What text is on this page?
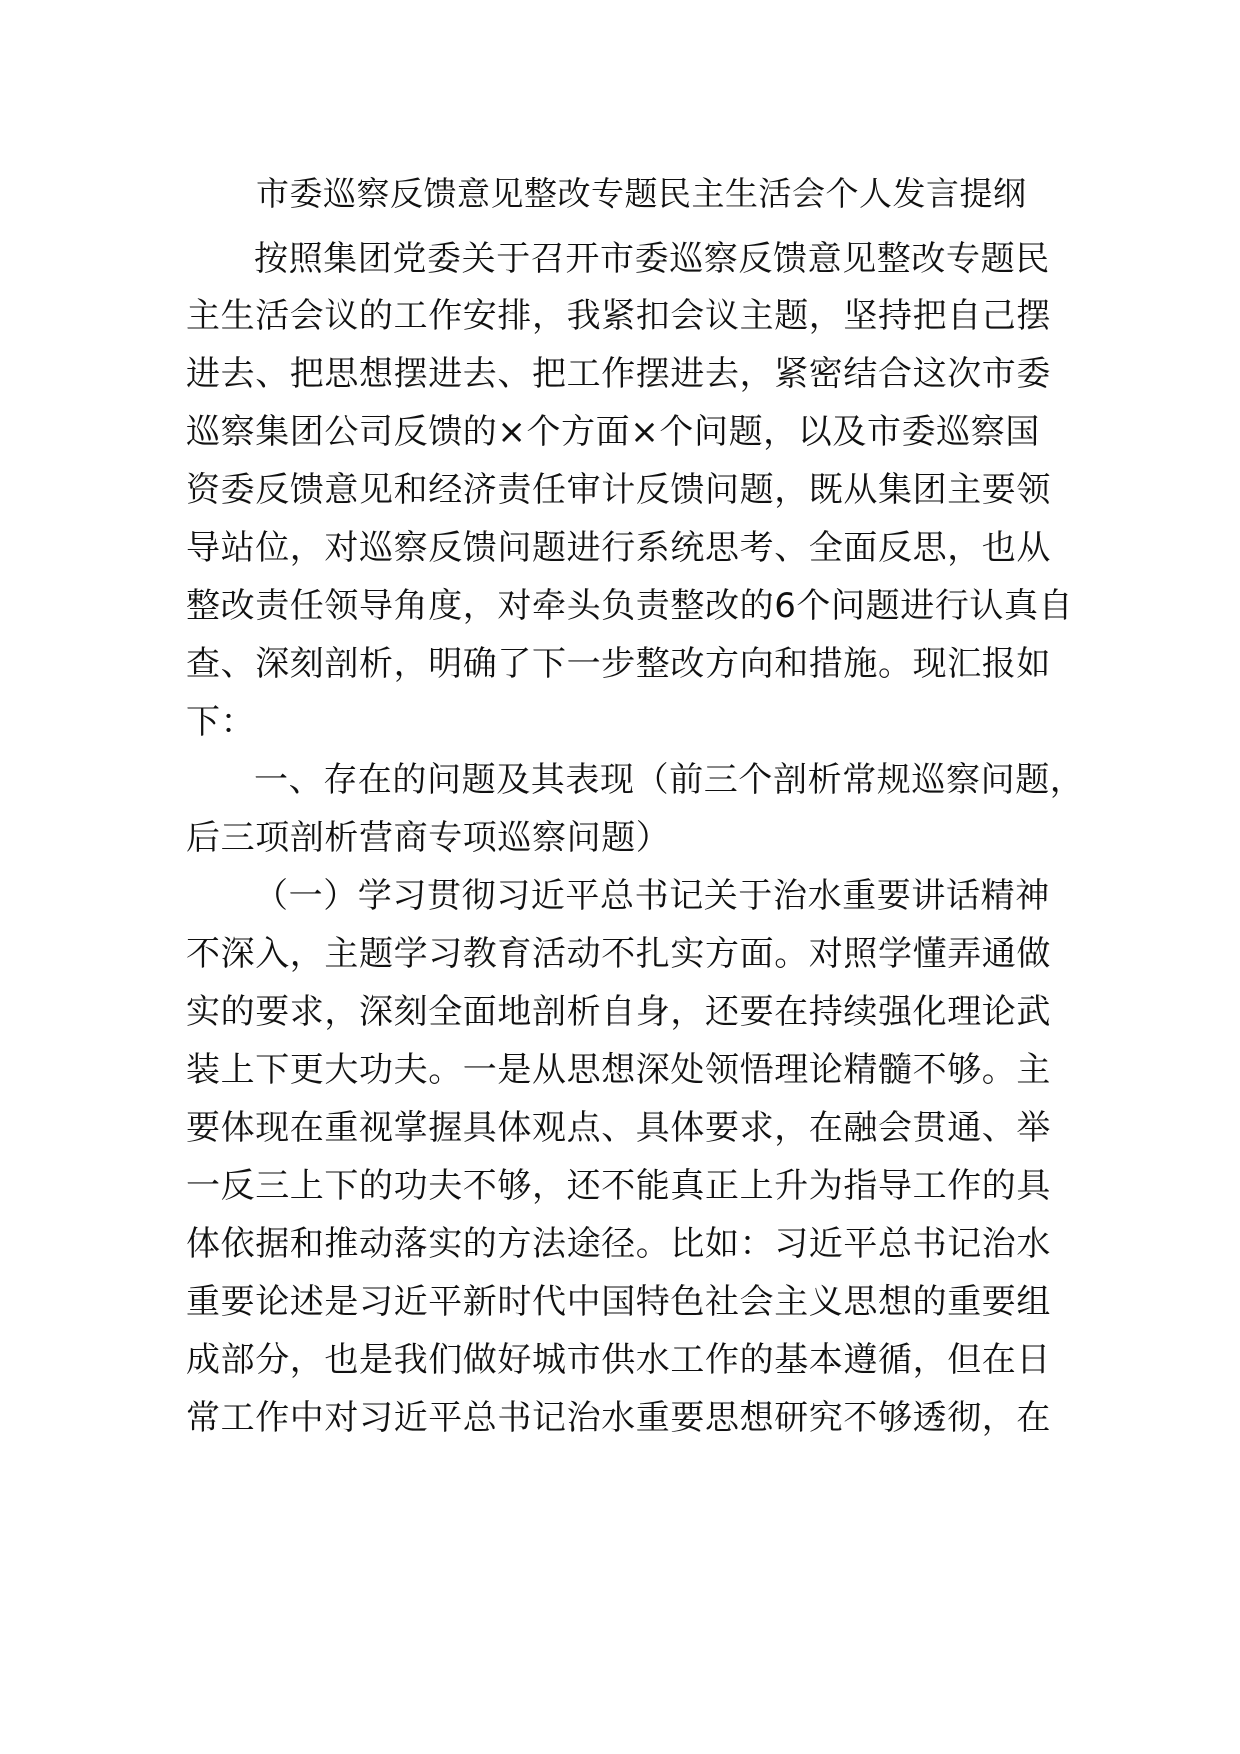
市委巡察反馈意见整改专题民主生活会个人发言提纲
按照集团党委关于召开市委巡察反馈意见整改专题民
主生活会议的工作安排，我紧扣会议主题，坚持把自己摆
进去、把思想摆进去、把工作摆进去，紧密结合这次市委
巡察集团公司反馈的×个方面×个问题，以及市委巡察国
资委反馈意见和经济责任审计反馈问题，既从集团主要领
导站位，对巡察反馈问题进行系统思考、全面反思，也从
整改责任领导角度，对牵头负责整改的6个问题进行认真自
查、深刻剖析，明确了下一步整改方向和措施。现汇报如
下：
一、存在的问题及其表现（前三个剖析常规巡察问题，
后三项剖析营商专项巡察问题）
（一）学习贯彻习近平总书记关于治水重要讲话精神
不深入，主题学习教育活动不扎实方面。对照学懂弄通做
实的要求，深刻全面地剖析自身，还要在持续强化理论武
装上下更大功夫。一是从思想深处领悟理论精髓不够。主
要体现在重视掌握具体观点、具体要求，在融会贯通、举
一反三上下的功夫不够，还不能真正上升为指导工作的具
体依据和推动落实的方法途径。比如：习近平总书记治水
重要论述是习近平新时代中国特色社会主义思想的重要组
成部分，也是我们做好城市供水工作的基本遵循，但在日
常工作中对习近平总书记治水重要思想研究不够透彻，在
